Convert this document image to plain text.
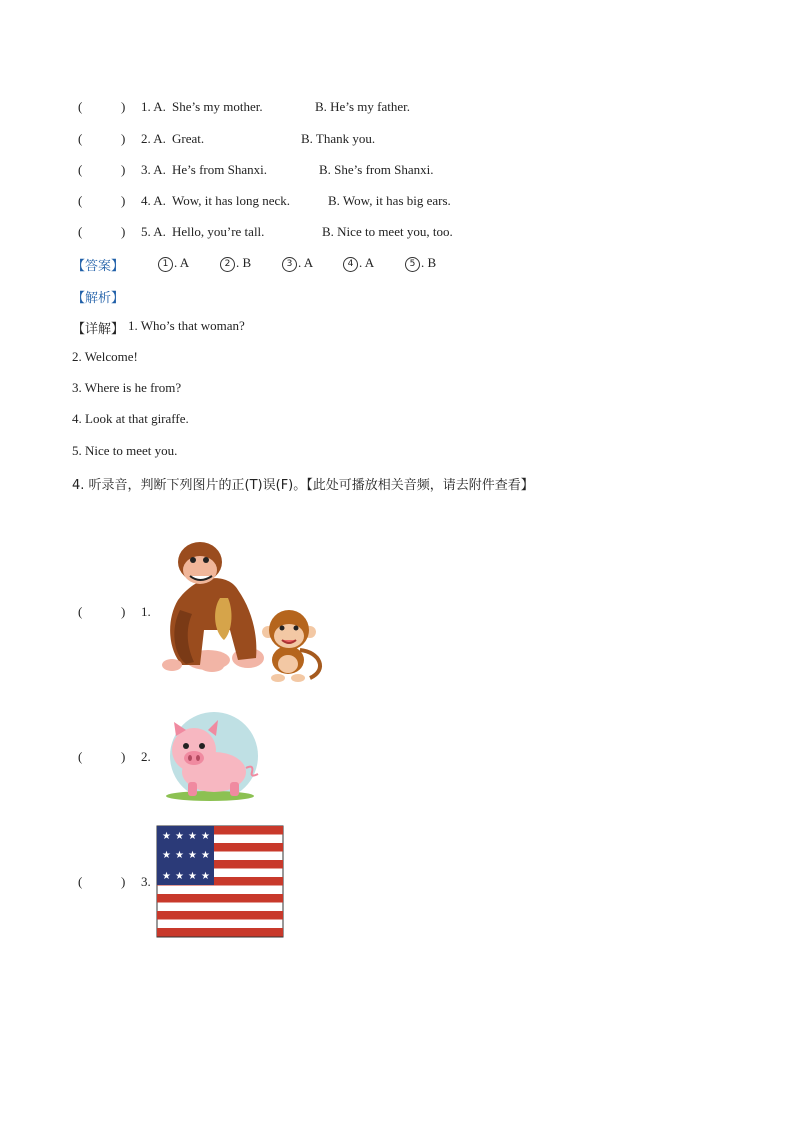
(	) 1. A. She’s my mother.	B. He’s my father.
(	) 2. A. Great.	B. Thank you.
(	) 3. A. He’s from Shanxi.	B. She’s from Shanxi.
(	) 4. A. Wow, it has long neck.	B. Wow, it has big ears.
(	) 5. A. Hello, you’re tall.	B. Nice to meet you, too.
【答案】	1 . A	2 . B	3 . A	4 . A	5 . B
【解析】
【详解】 1. Who’s that woman?
2. Welcome!
3. Where is he from?
4. Look at that giraffe.
5. Nice to meet you.
4. 听录音，判断下列图片的正(T)误(F)。【此处可播放相关音频，请去附件查看】
(	) 1.
(	) 2.
(	) 3.
★ ★ ★ ★
★ ★ ★ ★
★ ★ ★ ★
